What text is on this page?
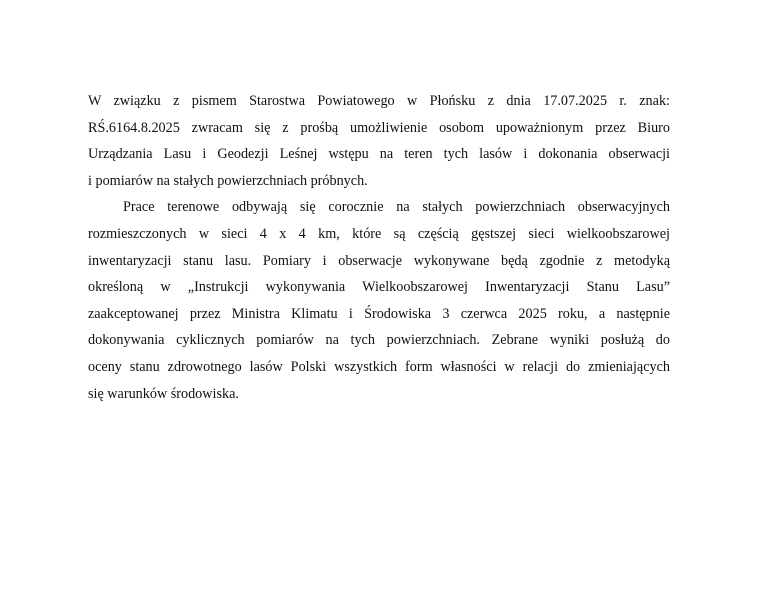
W związku z pismem Starostwa Powiatowego w Płońsku z dnia 17.07.2025 r. znak:
RŚ.6164.8.2025 zwracam się z prośbą umożliwienie osobom upoważnionym przez Biuro
Urządzania Lasu i Geodezji Leśnej wstępu na teren tych lasów i dokonania obserwacji
i pomiarów na stałych powierzchniach próbnych.
Prace terenowe odbywają się corocznie na stałych powierzchniach obserwacyjnych
rozmieszczonych w sieci 4 x 4 km, które są częścią gęstszej sieci wielkoobszarowej
inwentaryzacji stanu lasu. Pomiary i obserwacje wykonywane będą zgodnie z metodyką
określoną w „Instrukcji wykonywania Wielkoobszarowej Inwentaryzacji Stanu Lasu”
zaakceptowanej przez Ministra Klimatu i Środowiska 3 czerwca 2025 roku, a następnie
dokonywania cyklicznych pomiarów na tych powierzchniach. Zebrane wyniki posłużą do
oceny stanu zdrowotnego lasów Polski wszystkich form własności w relacji do zmieniających
się warunków środowiska.
